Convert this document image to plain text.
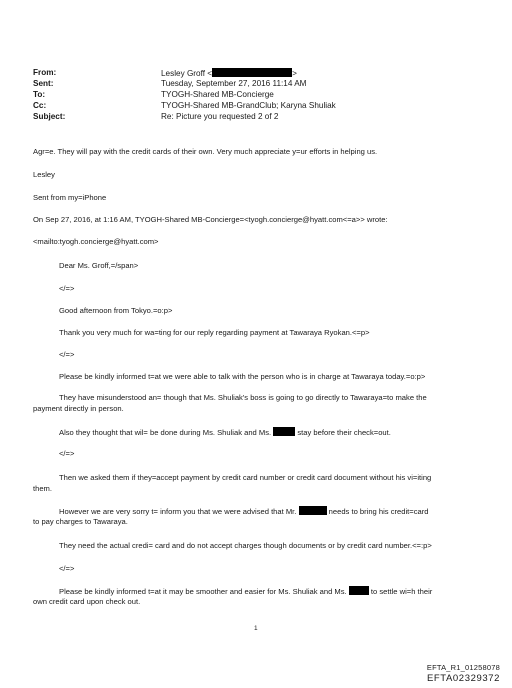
From:	Lesley Groff <	>
Sent:	Tuesday, September 27, 2016 11:14 AM
To:	TYOGH-Shared MB-Concierge
Cc:	TYOGH-Shared MB-GrandClub; Karyna Shuliak
Subject:	Re: Picture you requested 2 of 2
Agr=e. They will pay with the credit cards of their own. Very much appreciate y=ur efforts in helping us.
Lesley
Sent from my=iPhone
On Sep 27, 2016, at 1:16 AM, TYOGH-Shared MB-Concierge=<tyogh.concierge@hyatt.com<=a>> wrote:
<mailto:tyogh.concierge@hyatt.com>
Dear Ms. Groff,=/span>
</=>
Good afternoon from Tokyo.=o:p>
Thank you very much for wa=ting for our reply regarding payment at Tawaraya Ryokan.<=p>
</=>
Please be kindly informed t=at we were able to talk with the person who is in charge at Tawaraya today.=o:p>
They have misunderstood an= though that Ms. Shuliak's boss is going to go directly to Tawaraya=to make the
payment directly in person.
Also they thought that wil= be done during Ms. Shuliak and Ms.	stay before their check=out.
</=>
Then we asked them if they=accept payment by credit card number or credit card document without his vi=iting
them.
However we are very sorry t= inform you that we were advised that Mr.	needs to bring his credit=card
to pay charges to Tawaraya.
They need the actual credi= card and do not accept charges though documents or by credit card number.<=:p>
</=>
Please be kindly informed t=at it may be smoother and easier for Ms. Shuliak and Ms.	to settle wi=h their
own credit card upon check out.
1
EFTA_R1_01258078
EFTA02329372
